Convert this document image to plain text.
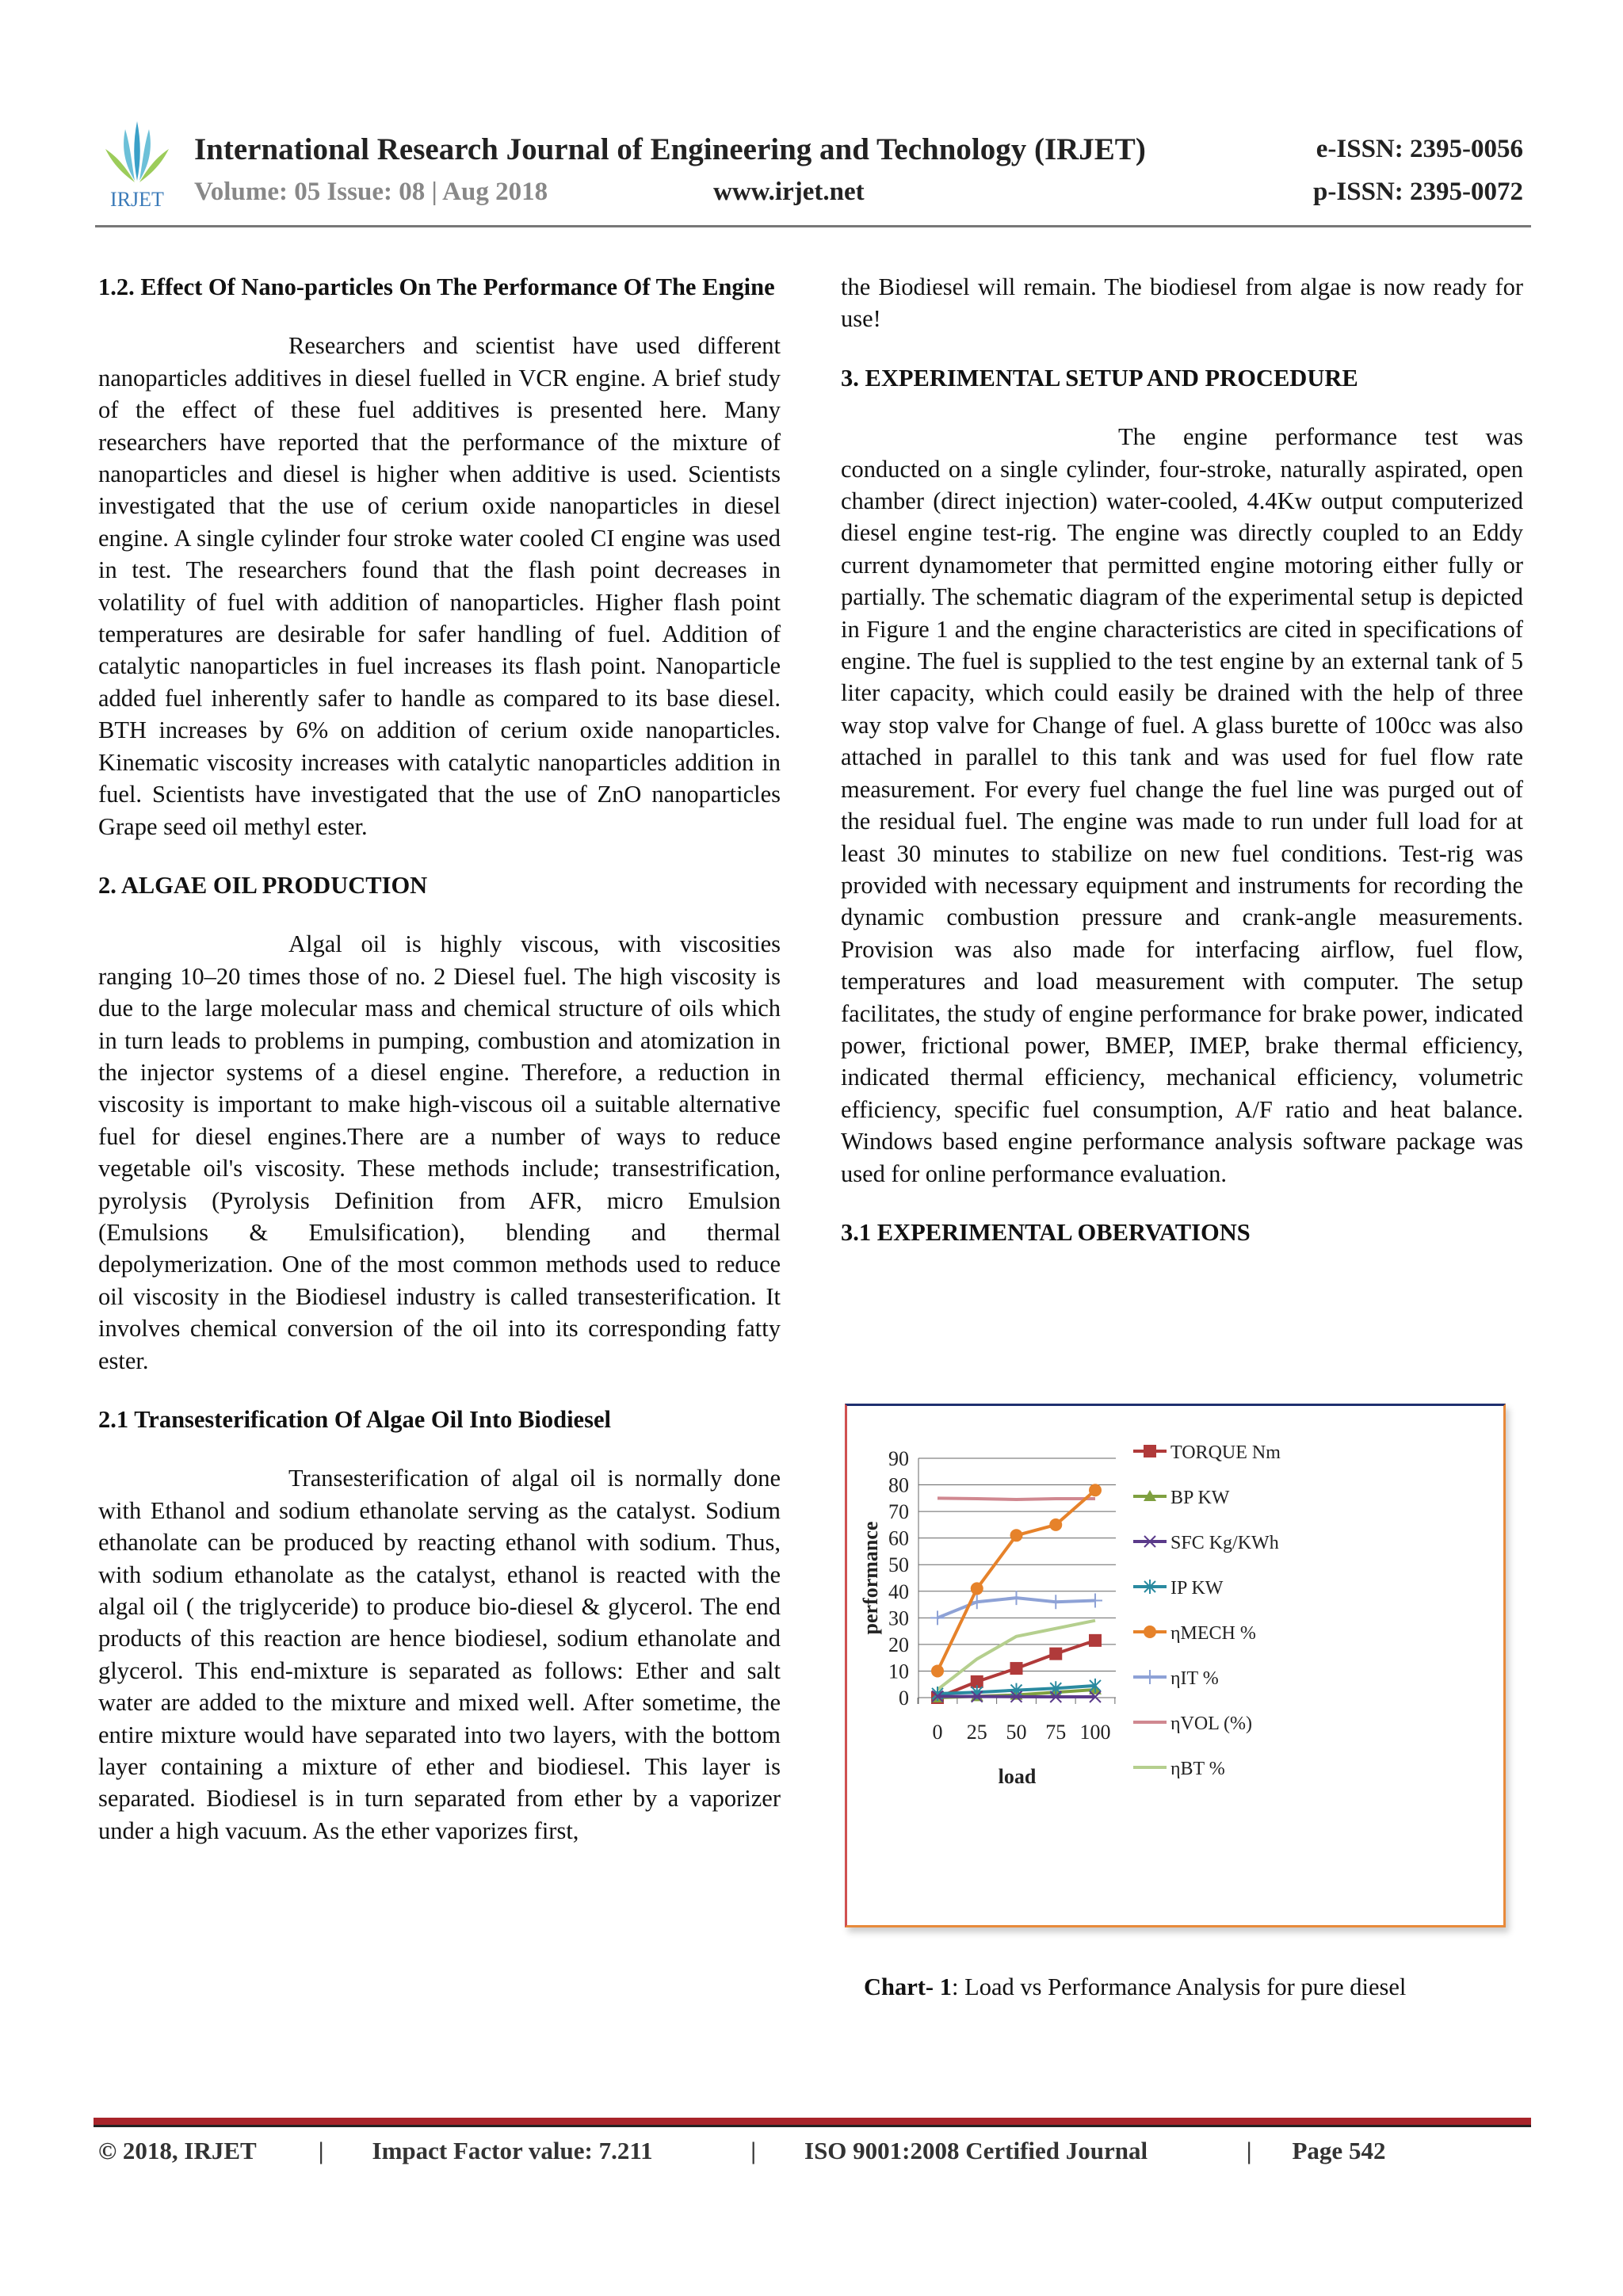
IRJET
International Research Journal of Engineering and Technology (IRJET)
Volume: 05 Issue: 08 | Aug 2018	www.irjet.net
e-ISSN: 2395-0056
p-ISSN: 2395-0072
1.2. Effect Of Nano-particles On The Performance Of The Engine

Researchers and scientist have used different nanoparticles additives in diesel fuelled in VCR engine. A brief study of the effect of these fuel additives is presented here. Many researchers have reported that the performance of the mixture of nanoparticles and diesel is higher when additive is used. Scientists investigated that the use of cerium oxide nanoparticles in diesel engine. A single cylinder four stroke water cooled CI engine was used in test. The researchers found that the flash point decreases in volatility of fuel with addition of nanoparticles. Higher flash point temperatures are desirable for safer handling of fuel. Addition of catalytic nanoparticles in fuel increases its flash point. Nanoparticle added fuel inherently safer to handle as compared to its base diesel. BTH increases by 6% on addition of cerium oxide nanoparticles. Kinematic viscosity increases with catalytic nanoparticles addition in fuel. Scientists have investigated that the use of ZnO nanoparticles Grape seed oil methyl ester.

2. ALGAE OIL PRODUCTION

Algal oil is highly viscous, with viscosities ranging 10–20 times those of no. 2 Diesel fuel. The high viscosity is due to the large molecular mass and chemical structure of oils which in turn leads to problems in pumping, combustion and atomization in the injector systems of a diesel engine. Therefore, a reduction in viscosity is important to make high-viscous oil a suitable alternative fuel for diesel engines.There are a number of ways to reduce vegetable oil's viscosity. These methods include; transestrification, pyrolysis (Pyrolysis Definition from AFR, micro Emulsion (Emulsions & Emulsification), blending and thermal depolymerization. One of the most common methods used to reduce oil viscosity in the Biodiesel industry is called transesterification. It involves chemical conversion of the oil into its corresponding fatty ester.

2.1 Transesterification Of Algae Oil Into Biodiesel

Transesterification of algal oil is normally done with Ethanol and sodium ethanolate serving as the catalyst. Sodium ethanolate can be produced by reacting ethanol with sodium. Thus, with sodium ethanolate as the catalyst, ethanol is reacted with the algal oil ( the triglyceride) to produce bio-diesel & glycerol. The end products of this reaction are hence biodiesel, sodium ethanolate and glycerol. This end-mixture is separated as follows: Ether and salt water are added to the mixture and mixed well. After sometime, the entire mixture would have separated into two layers, with the bottom layer containing a mixture of ether and biodiesel. This layer is separated. Biodiesel is in turn separated from ether by a vaporizer under a high vacuum. As the ether vaporizes first,

the Biodiesel will remain. The biodiesel from algae is now ready for use!

3. EXPERIMENTAL SETUP AND PROCEDURE

The engine performance test was conducted on a single cylinder, four-stroke, naturally aspirated, open chamber (direct injection) water-cooled, 4.4Kw output computerized diesel engine test-rig. The engine was directly coupled to an Eddy current dynamometer that permitted engine motoring either fully or partially. The schematic diagram of the experimental setup is depicted in Figure 1 and the engine characteristics are cited in specifications of engine. The fuel is supplied to the test engine by an external tank of 5 liter capacity, which could easily be drained with the help of three way stop valve for Change of fuel. A glass burette of 100cc was also attached in parallel to this tank and was used for fuel flow rate measurement. For every fuel change the fuel line was purged out of the residual fuel. The engine was made to run under full load for at least 30 minutes to stabilize on new fuel conditions. Test-rig was provided with necessary equipment and instruments for recording the dynamic combustion pressure and crank-angle measurements. Provision was also made for interfacing airflow, fuel flow, temperatures and load measurement with computer. The setup facilitates, the study of engine performance for brake power, indicated power, frictional power, BMEP, IMEP, brake thermal efficiency, indicated thermal efficiency, mechanical efficiency, volumetric efficiency, specific fuel consumption, A/F ratio and heat balance. Windows based engine performance analysis software package was used for online performance evaluation.

3.1 EXPERIMENTAL OBERVATIONS
0
10
20
30
40
50
60
70
80
90
0 25 50 75 100
load
performance
TORQUE Nm
BP KW
SFC Kg/KWh
IP KW
ηMECH %
ηIT %
ηVOL (%)
ηBT %
Chart- 1: Load vs Performance Analysis for pure diesel
© 2018, IRJET	| Impact Factor value: 7.211	| ISO 9001:2008 Certified Journal	| Page 542
